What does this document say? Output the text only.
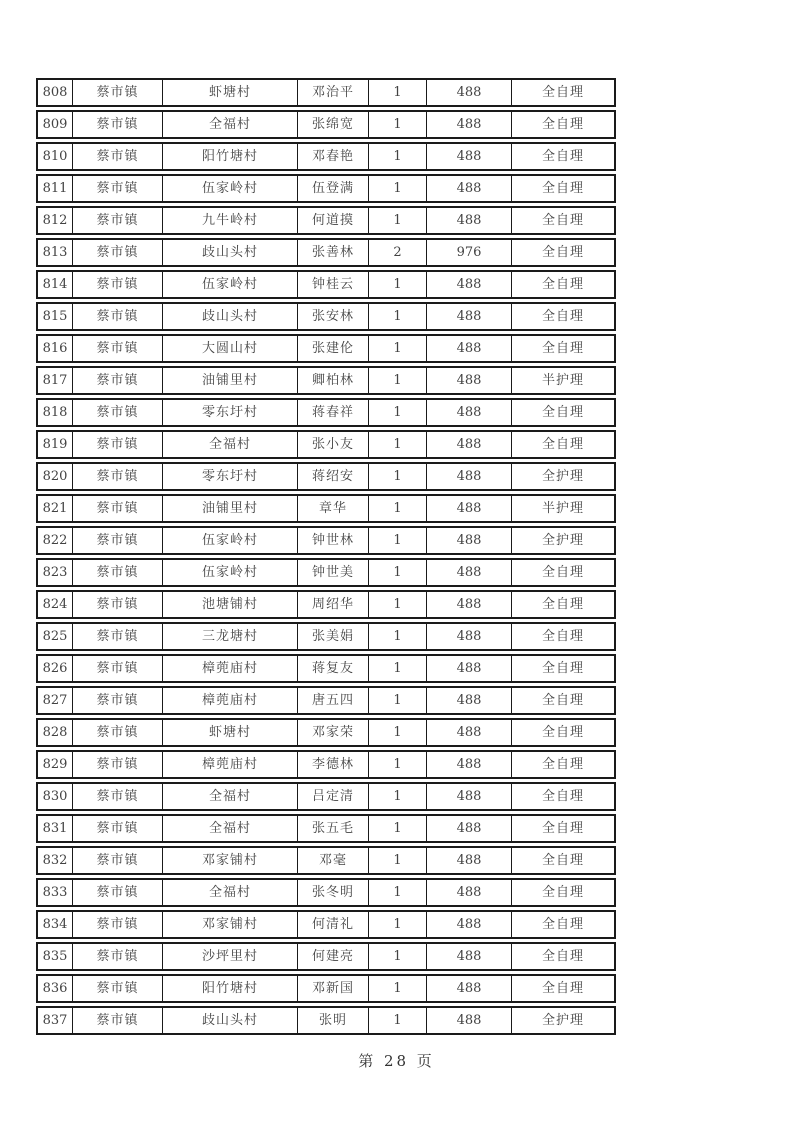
808	蔡市镇	虾塘村	邓治平	1	488	全自理
809	蔡市镇	全福村	张绵宽	1	488	全自理
810	蔡市镇	阳竹塘村	邓春艳	1	488	全自理
811	蔡市镇	伍家岭村	伍登满	1	488	全自理
812	蔡市镇	九牛岭村	何道摸	1	488	全自理
813	蔡市镇	歧山头村	张善林	2	976	全自理
814	蔡市镇	伍家岭村	钟桂云	1	488	全自理
815	蔡市镇	歧山头村	张安林	1	488	全自理
816	蔡市镇	大圆山村	张建伦	1	488	全自理
817	蔡市镇	油铺里村	卿柏林	1	488	半护理
818	蔡市镇	零东圩村	蒋春祥	1	488	全自理
819	蔡市镇	全福村	张小友	1	488	全自理
820	蔡市镇	零东圩村	蒋绍安	1	488	全护理
821	蔡市镇	油铺里村	章华	1	488	半护理
822	蔡市镇	伍家岭村	钟世林	1	488	全护理
823	蔡市镇	伍家岭村	钟世美	1	488	全自理
824	蔡市镇	池塘铺村	周绍华	1	488	全自理
825	蔡市镇	三龙塘村	张美娟	1	488	全自理
826	蔡市镇	樟蔸庙村	蒋复友	1	488	全自理
827	蔡市镇	樟蔸庙村	唐五四	1	488	全自理
828	蔡市镇	虾塘村	邓家荣	1	488	全自理
829	蔡市镇	樟蔸庙村	李德林	1	488	全自理
830	蔡市镇	全福村	吕定清	1	488	全自理
831	蔡市镇	全福村	张五毛	1	488	全自理
832	蔡市镇	邓家铺村	邓毫	1	488	全自理
833	蔡市镇	全福村	张冬明	1	488	全自理
834	蔡市镇	邓家铺村	何清礼	1	488	全自理
835	蔡市镇	沙坪里村	何建亮	1	488	全自理
836	蔡市镇	阳竹塘村	邓新国	1	488	全自理
837	蔡市镇	歧山头村	张明	1	488	全护理
第 28 页
